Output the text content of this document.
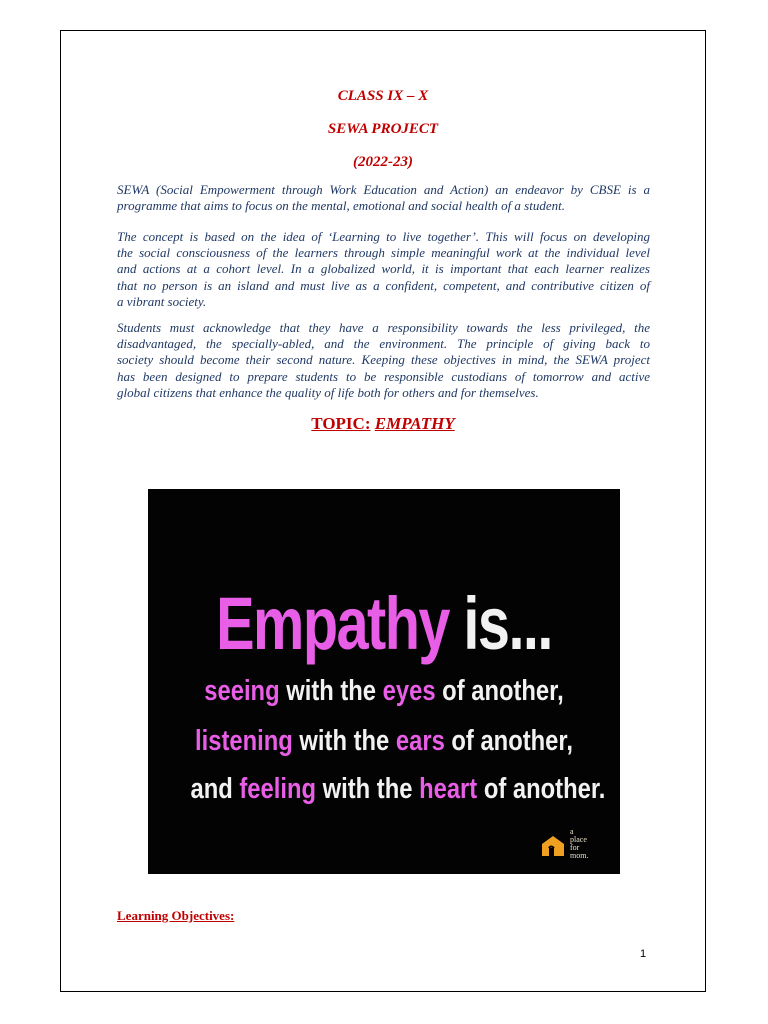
CLASS IX – X
SEWA PROJECT
(2022-23)

SEWA (Social Empowerment through Work Education and Action) an endeavor by CBSE is a
programme that aims to focus on the mental, emotional and social health of a student.

The concept is based on the idea of ‘Learning to live together’. This will focus on developing
the social consciousness of the learners through simple meaningful work at the individual level
and actions at a cohort level. In a globalized world, it is important that each learner realizes
that no person is an island and must live as a confident, competent, and contributive citizen of
a vibrant society.

Students must acknowledge that they have a responsibility towards the less privileged, the
disadvantaged, the specially-abled, and the environment. The principle of giving back to
society should become their second nature. Keeping these objectives in mind, the SEWA project
has been designed to prepare students to be responsible custodians of tomorrow and active
global citizens that enhance the quality of life both for others and for themselves.

TOPIC: EMPATHY
Empathy is...
seeing with the eyes of another,
listening with the ears of another,
and feeling with the heart of another.
a
place
for
mom.
Learning Objectives:
1
